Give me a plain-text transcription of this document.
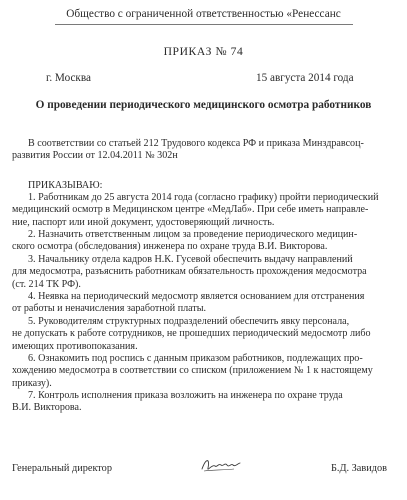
Общество с ограниченной ответственностью «Ренессанс
ПРИКАЗ № 74
г. Москва	15 августа 2014 года
О проведении периодического медицинского осмотра работников

В соответствии со статьей 212 Трудового кодекса РФ и приказа Минздравсоц-
развития России от 12.04.2011 № 302н

ПРИКАЗЫВАЮ:

1. Работникам до 25 августа 2014 года (согласно графику) пройти периодический
медицинский осмотр в Медицинском центре «МедЛаб». При себе иметь направле-
ние, паспорт или иной документ, удостоверяющий личность.

2. Назначить ответственным лицом за проведение периодического медицин-
ского осмотра (обследования) инженера по охране труда В.И. Викторова.

3. Начальнику отдела кадров Н.К. Гусевой обеспечить выдачу направлений
для медосмотра, разъяснить работникам обязательность прохождения медосмотра
(ст. 214 ТК РФ).

4. Неявка на периодический медосмотр является основанием для отстранения
от работы и неначисления заработной платы.

5. Руководителям структурных подразделений обеспечить явку персонала,
не допускать к работе сотрудников, не прошедших периодический медосмотр либо
имеющих противопоказания.

6. Ознакомить под роспись с данным приказом работников, подлежащих про-
хождению медосмотра в соответствии со списком (приложением № 1 к настоящему
приказу).

7. Контроль исполнения приказа возложить на инженера по охране труда
В.И. Викторова.

Генеральный директор	Б.Д. Завидов
